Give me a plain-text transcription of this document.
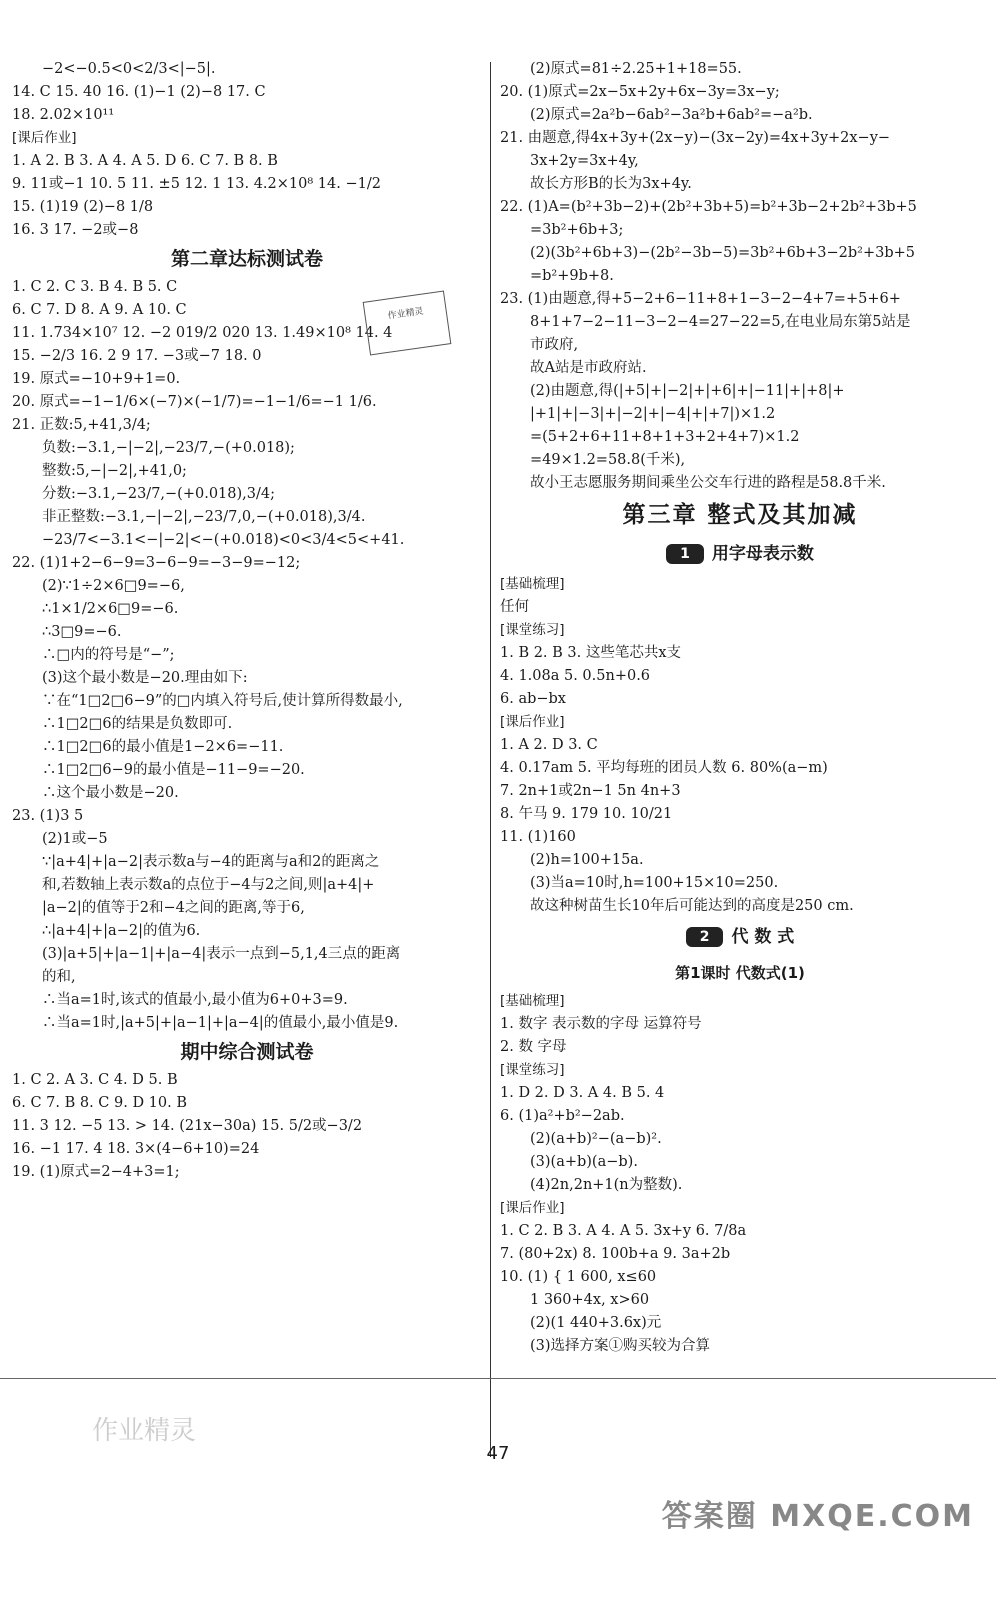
−2<−0.5<0<2/3<|−5|.
14. C 15. 40 16. (1)−1 (2)−8 17. C
18. 2.02×10¹¹
[课后作业]
1. A 2. B 3. A 4. A 5. D 6. C 7. B 8. B
9. 11或−1 10. 5 11. ±5 12. 1 13. 4.2×10⁸ 14. −1/2
15. (1)19 (2)−8 1/8
16. 3 17. −2或−8
第二章达标测试卷
1. C 2. C 3. B 4. B 5. C
6. C 7. D 8. A 9. A 10. C
11. 1.734×10⁷ 12. −2 019/2 020 13. 1.49×10⁸ 14. 4
15. −2/3 16. 2 9 17. −3或−7 18. 0
19. 原式=−10+9+1=0.
20. 原式=−1−1/6×(−7)×(−1/7)=−1−1/6=−1 1/6.
21. 正数:5,+41,3/4;
负数:−3.1,−|−2|,−23/7,−(+0.018);
整数:5,−|−2|,+41,0;
分数:−3.1,−23/7,−(+0.018),3/4;
非正整数:−3.1,−|−2|,−23/7,0,−(+0.018),3/4.
−23/7<−3.1<−|−2|<−(+0.018)<0<3/4<5<+41.
22. (1)1+2−6−9=3−6−9=−3−9=−12;
(2)∵1÷2×6□9=−6,
∴1×1/2×6□9=−6.
∴3□9=−6.
∴□内的符号是“−”;
(3)这个最小数是−20.理由如下:
∵在“1□2□6−9”的□内填入符号后,使计算所得数最小,
∴1□2□6的结果是负数即可.
∴1□2□6的最小值是1−2×6=−11.
∴1□2□6−9的最小值是−11−9=−20.
∴这个最小数是−20.
23. (1)3 5
(2)1或−5
∵|a+4|+|a−2|表示数a与−4的距离与a和2的距离之
和,若数轴上表示数a的点位于−4与2之间,则|a+4|+
|a−2|的值等于2和−4之间的距离,等于6,
∴|a+4|+|a−2|的值为6.
(3)|a+5|+|a−1|+|a−4|表示一点到−5,1,4三点的距离
的和,
∴当a=1时,该式的值最小,最小值为6+0+3=9.
∴当a=1时,|a+5|+|a−1|+|a−4|的值最小,最小值是9.
期中综合测试卷
1. C 2. A 3. C 4. D 5. B
6. C 7. B 8. C 9. D 10. B
11. 3 12. −5 13. > 14. (21x−30a) 15. 5/2或−3/2
16. −1 17. 4 18. 3×(4−6+10)=24
19. (1)原式=2−4+3=1;
(2)原式=81÷2.25+1+18=55.
20. (1)原式=2x−5x+2y+6x−3y=3x−y;
(2)原式=2a²b−6ab²−3a²b+6ab²=−a²b.
21. 由题意,得4x+3y+(2x−y)−(3x−2y)=4x+3y+2x−y−
3x+2y=3x+4y,
故长方形B的长为3x+4y.
22. (1)A=(b²+3b−2)+(2b²+3b+5)=b²+3b−2+2b²+3b+5
=3b²+6b+3;
(2)(3b²+6b+3)−(2b²−3b−5)=3b²+6b+3−2b²+3b+5
=b²+9b+8.
23. (1)由题意,得+5−2+6−11+8+1−3−2−4+7=+5+6+
8+1+7−2−11−3−2−4=27−22=5,在电业局东第5站是
市政府,
故A站是市政府站.
(2)由题意,得(|+5|+|−2|+|+6|+|−11|+|+8|+
|+1|+|−3|+|−2|+|−4|+|+7|)×1.2
=(5+2+6+11+8+1+3+2+4+7)×1.2
=49×1.2=58.8(千米),
故小王志愿服务期间乘坐公交车行进的路程是58.8千米.
第三章 整式及其加减
1 用字母表示数
[基础梳理]
任何
[课堂练习]
1. B 2. B 3. 这些笔芯共x支
4. 1.08a 5. 0.5n+0.6
6. ab−bx
[课后作业]
1. A 2. D 3. C
4. 0.17am 5. 平均每班的团员人数 6. 80%(a−m)
7. 2n+1或2n−1 5n 4n+3
8. 午马 9. 179 10. 10/21
11. (1)160
(2)h=100+15a.
(3)当a=10时,h=100+15×10=250.
故这种树苗生长10年后可能达到的高度是250 cm.
2 代 数 式
第1课时 代数式(1)
[基础梳理]
1. 数字 表示数的字母 运算符号
2. 数 字母
[课堂练习]
1. D 2. D 3. A 4. B 5. 4
6. (1)a²+b²−2ab.
(2)(a+b)²−(a−b)².
(3)(a+b)(a−b).
(4)2n,2n+1(n为整数).
[课后作业]
1. C 2. B 3. A 4. A 5. 3x+y 6. 7/8a
7. (80+2x) 8. 100b+a 9. 3a+2b
10. (1) { 1 600, x≤60
1 360+4x, x>60
(2)(1 440+3.6x)元
(3)选择方案①购买较为合算
作业精灵
作业精灵
47
答案圈 MXQE.COM
